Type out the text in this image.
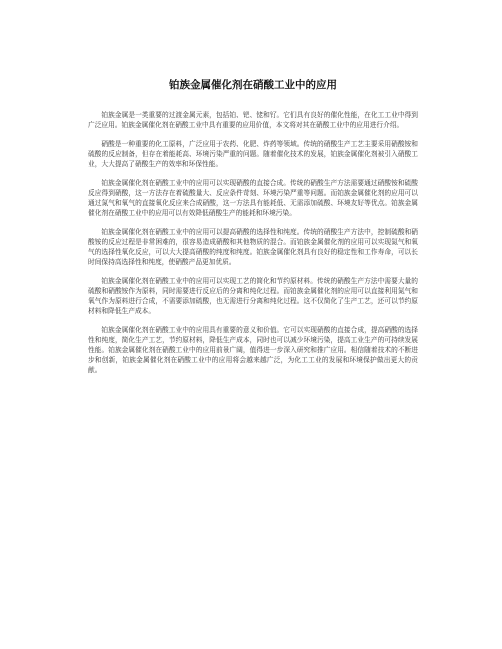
铂族金属催化剂在硝酸工业中的应用

铂族金属是一类重要的过渡金属元素，包括铂、钯、铑和钌。它们具有良好的催化性能，在化工工业中得到广泛应用。铂族金属催化剂在硝酸工业中具有重要的应用价值，本文将对其在硝酸工业中的应用进行介绍。

硝酸是一种重要的化工原料，广泛应用于农药、化肥、炸药等领域。传统的硝酸生产工艺主要采用硝酸铵和硫酸的反应制备，但存在着能耗高、环境污染严重的问题。随着催化技术的发展，铂族金属催化剂被引入硝酸工业，大大提高了硝酸生产的效率和环保性能。

铂族金属催化剂在硝酸工业中的应用可以实现硝酸的直接合成。传统的硝酸生产方法需要通过硝酸铵和硫酸反应得到硝酸，这一方法存在着硫酸量大、反应条件苛刻、环境污染严重等问题。而铂族金属催化剂的应用可以通过氮气和氧气的直接氧化反应来合成硝酸，这一方法具有能耗低、无需添加硫酸、环境友好等优点。铂族金属催化剂在硝酸工业中的应用可以有效降低硝酸生产的能耗和环境污染。

铂族金属催化剂在硝酸工业中的应用可以提高硝酸的选择性和纯度。传统的硝酸生产方法中，控制硫酸和硝酸铵的反应过程是非常困难的，很容易造成硝酸和其他物质的混合。而铂族金属催化剂的应用可以实现氮气和氧气的选择性氧化反应，可以大大提高硝酸的纯度和纯度。铂族金属催化剂具有良好的稳定性和工作寿命，可以长时间保持高选择性和纯度，使硝酸产品更加优质。

铂族金属催化剂在硝酸工业中的应用可以实现工艺的简化和节约原材料。传统的硝酸生产方法中需要大量的硫酸和硝酸铵作为原料，同时需要进行反应后的分离和纯化过程。而铂族金属催化剂的应用可以直接利用氮气和氧气作为原料进行合成，不需要添加硫酸，也无需进行分离和纯化过程。这不仅简化了生产工艺，还可以节约原材料和降低生产成本。

铂族金属催化剂在硝酸工业中的应用具有重要的意义和价值。它可以实现硝酸的直接合成，提高硝酸的选择性和纯度，简化生产工艺，节约原材料，降低生产成本，同时也可以减少环境污染，提高工业生产的可持续发展性能。铂族金属催化剂在硝酸工业中的应用前景广阔，值得进一步深入研究和推广应用。相信随着技术的不断进步和创新，铂族金属催化剂在硝酸工业中的应用将会越来越广泛，为化工工业的发展和环境保护做出更大的贡献。
